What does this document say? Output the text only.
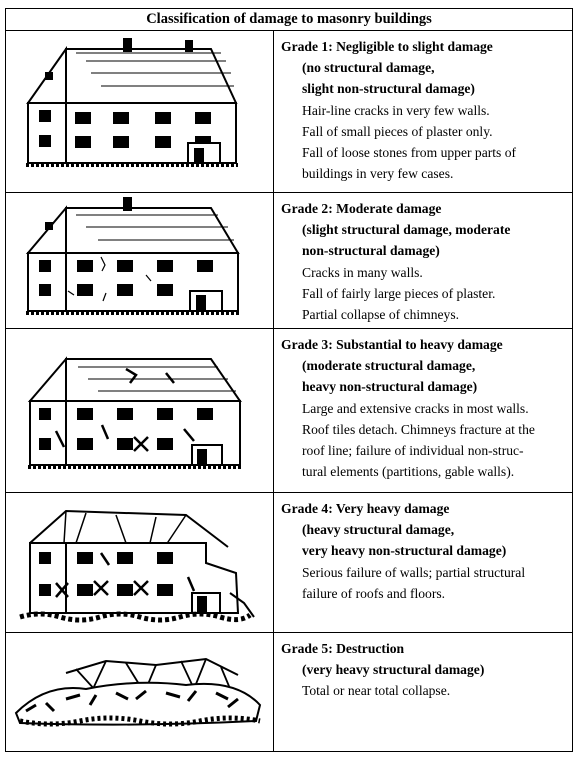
Classification of damage to masonry buildings
Grade 1: Negligible to slight damage
(no structural damage,
slight non-structural damage)
Hair-line cracks in very few walls.
Fall of small pieces of plaster only.
Fall of loose stones from upper parts of
buildings in very few cases.
Grade 2: Moderate damage
(slight structural damage, moderate
non-structural damage)
Cracks in many walls.
Fall of fairly large pieces of plaster.
Partial collapse of chimneys.
Grade 3: Substantial to heavy damage
(moderate structural damage,
heavy non-structural damage)
Large and extensive cracks in most walls.
Roof tiles detach. Chimneys fracture at the
roof line; failure of individual non-struc-
tural elements (partitions, gable walls).
Grade 4: Very heavy damage
(heavy structural damage,
very heavy non-structural damage)
Serious failure of walls; partial structural
failure of roofs and floors.
Grade 5: Destruction
(very heavy structural damage)
Total or near total collapse.
